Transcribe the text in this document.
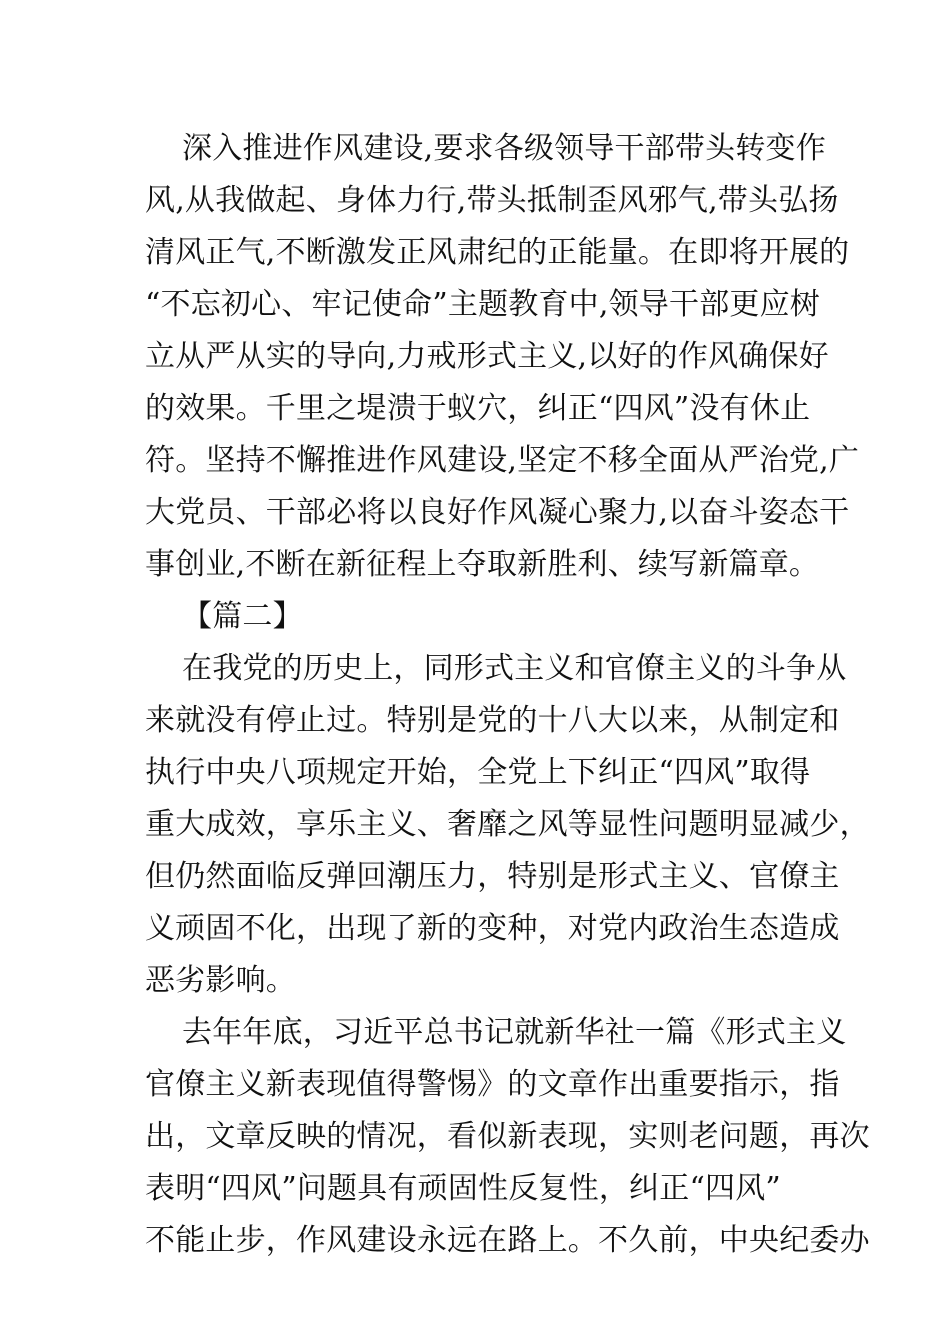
深入推进作风建设,要求各级领导干部带头转变作
风,从我做起、身体力行,带头抵制歪风邪气,带头弘扬
清风正气,不断激发正风肃纪的正能量。在即将开展的
“不忘初心、牢记使命”主题教育中,领导干部更应树
立从严从实的导向,力戒形式主义,以好的作风确保好
的效果。千里之堤溃于蚁穴，纠正“四风”没有休止
符。坚持不懈推进作风建设,坚定不移全面从严治党,广
大党员、干部必将以良好作风凝心聚力,以奋斗姿态干
事创业,不断在新征程上夺取新胜利、续写新篇章。
【篇二】
在我党的历史上，同形式主义和官僚主义的斗争从
来就没有停止过。特别是党的十八大以来，从制定和
执行中央八项规定开始，全党上下纠正“四风”取得
重大成效，享乐主义、奢靡之风等显性问题明显减少，
但仍然面临反弹回潮压力，特别是形式主义、官僚主
义顽固不化，出现了新的变种，对党内政治生态造成
恶劣影响。
去年年底，习近平总书记就新华社一篇《形式主义
官僚主义新表现值得警惕》的文章作出重要指示，指
出，文章反映的情况，看似新表现，实则老问题，再次
表明“四风”问题具有顽固性反复性，纠正“四风”
不能止步，作风建设永远在路上。不久前，中央纪委办
